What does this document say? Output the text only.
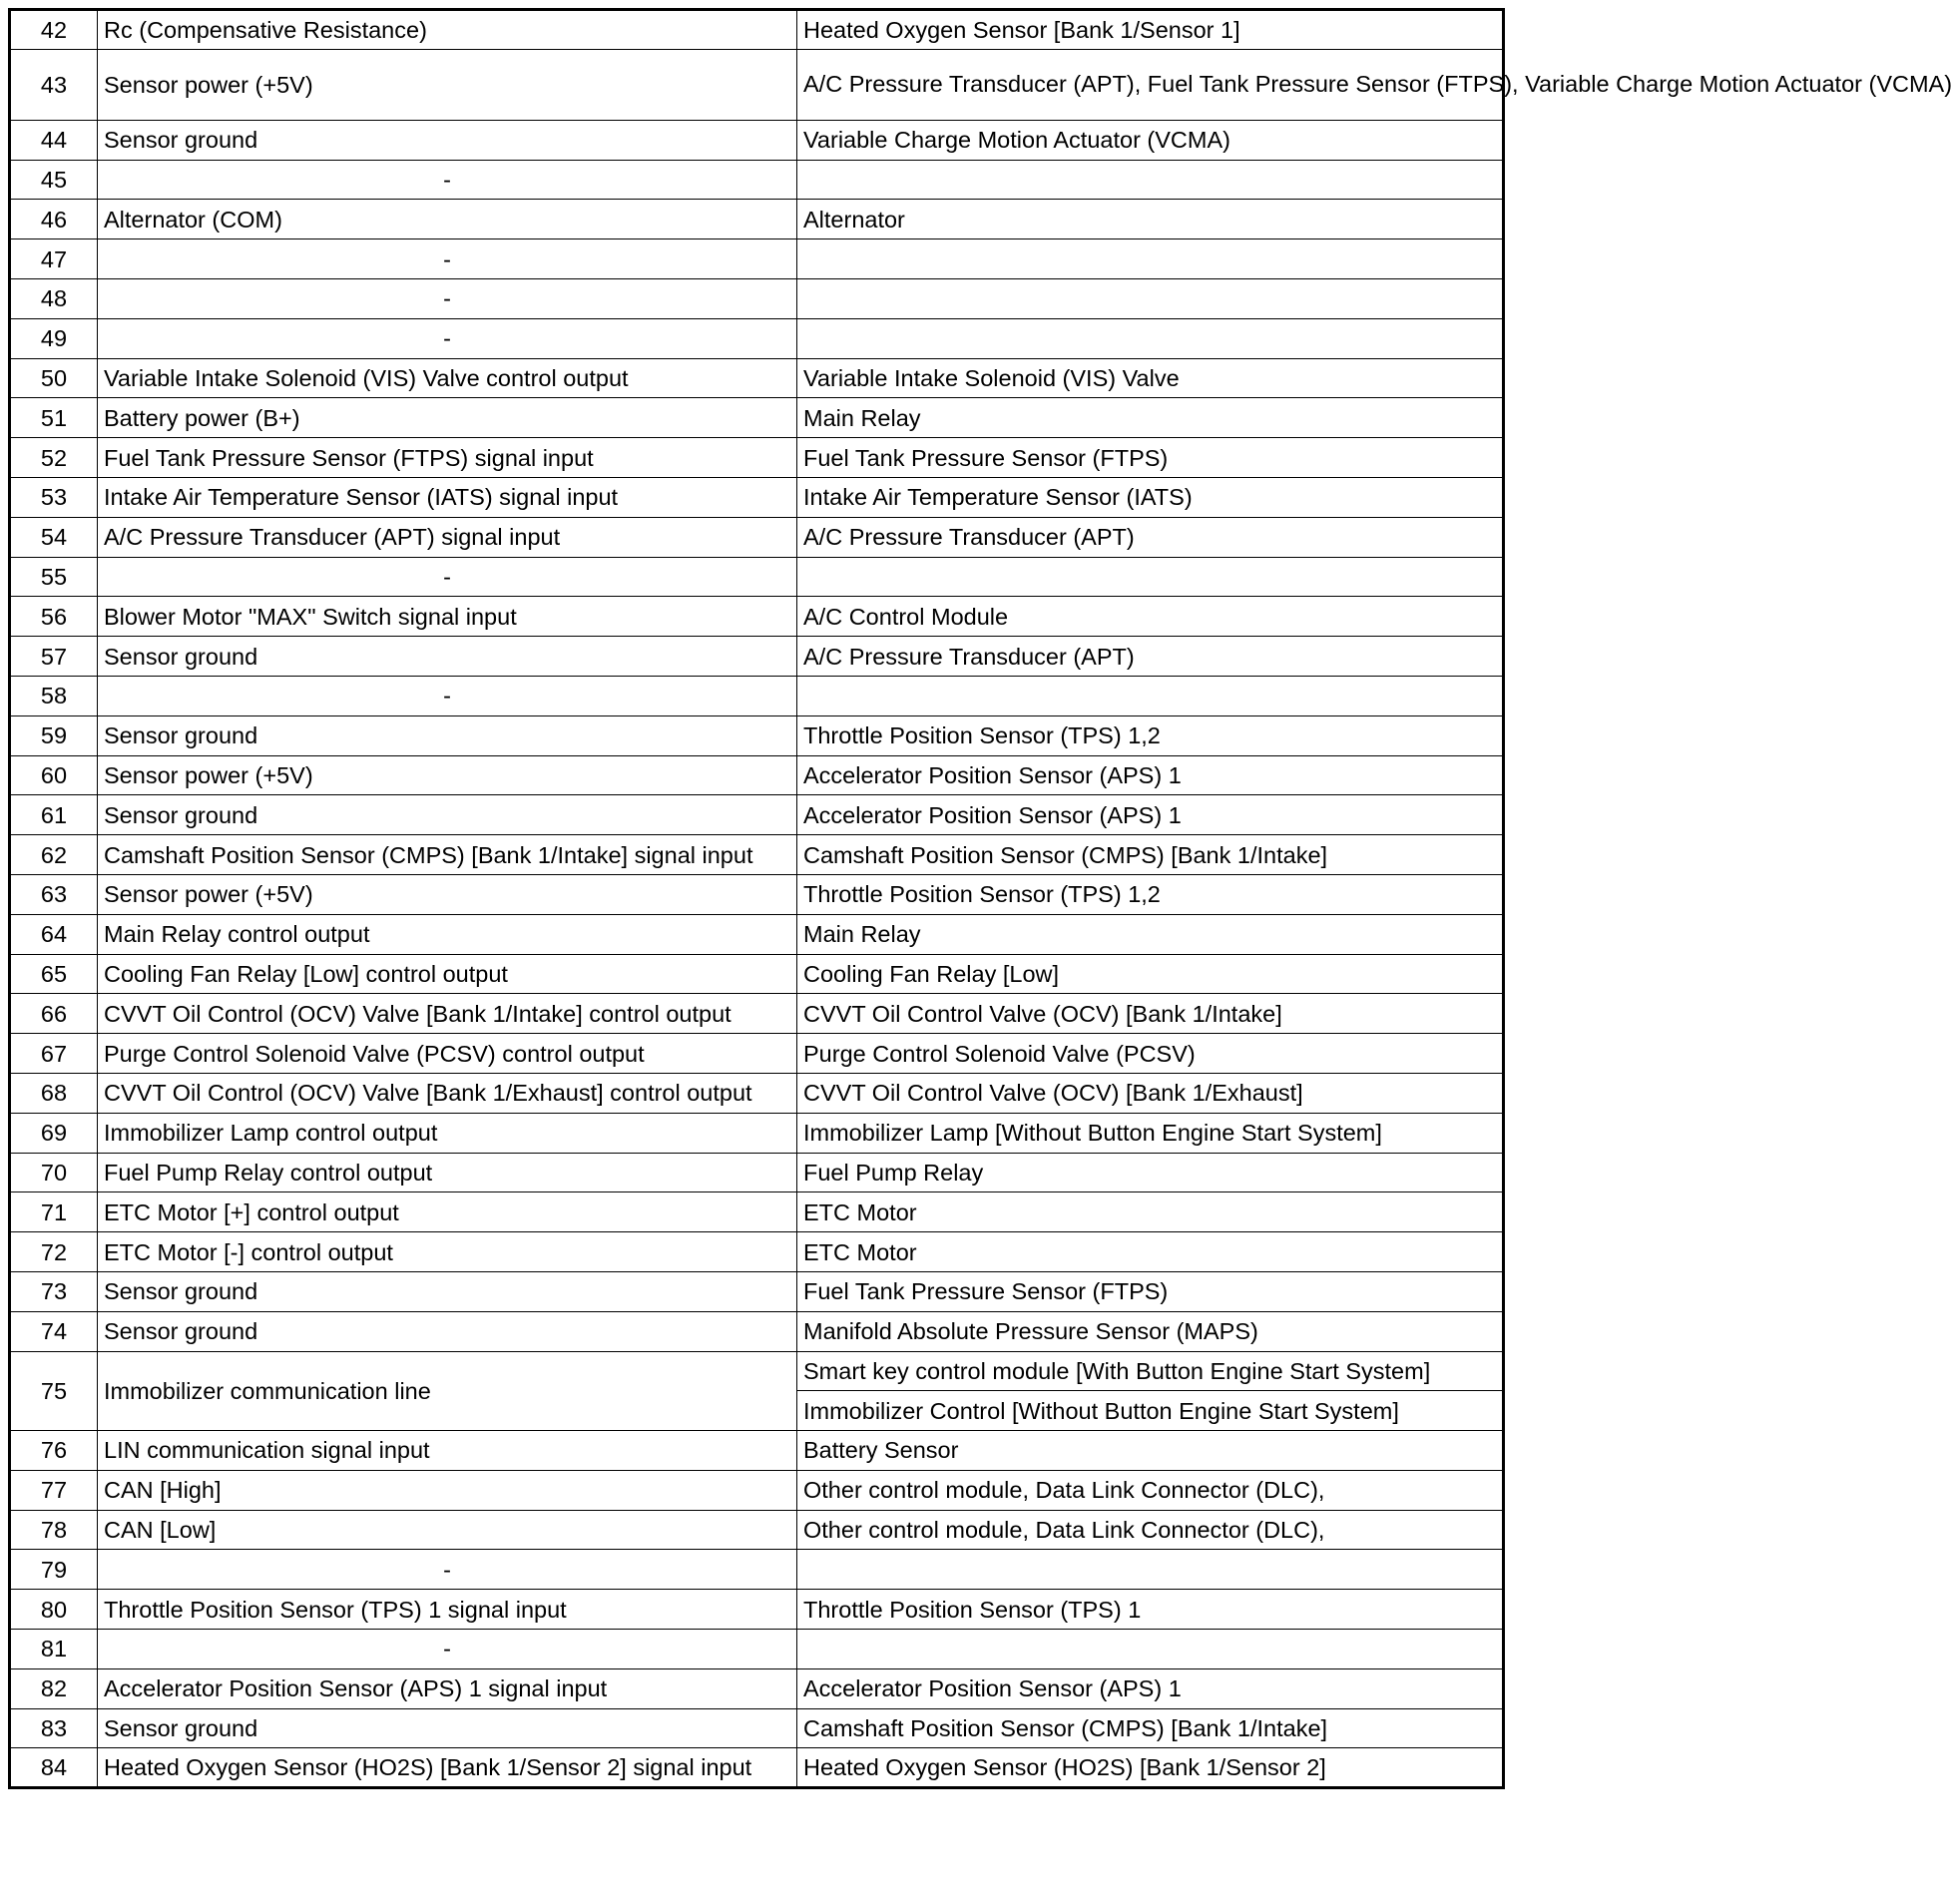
42	Rc (Compensative Resistance)	Heated Oxygen Sensor [Bank 1/Sensor 1]
43	Sensor power (+5V)	A/C Pressure Transducer (APT), Fuel Tank Pressure Sensor (FTPS), Variable Charge Motion Actuator (VCMA)
44	Sensor ground	Variable Charge Motion Actuator (VCMA)
45	-	
46	Alternator (COM)	Alternator
47	-	
48	-	
49	-	
50	Variable Intake Solenoid (VIS) Valve control output	Variable Intake Solenoid (VIS) Valve
51	Battery power (B+)	Main Relay
52	Fuel Tank Pressure Sensor (FTPS) signal input	Fuel Tank Pressure Sensor (FTPS)
53	Intake Air Temperature Sensor (IATS) signal input	Intake Air Temperature Sensor (IATS)
54	A/C Pressure Transducer (APT) signal input	A/C Pressure Transducer (APT)
55	-	
56	Blower Motor "MAX" Switch signal input	A/C Control Module
57	Sensor ground	A/C Pressure Transducer (APT)
58	-	
59	Sensor ground	Throttle Position Sensor (TPS) 1,2
60	Sensor power (+5V)	Accelerator Position Sensor (APS) 1
61	Sensor ground	Accelerator Position Sensor (APS) 1
62	Camshaft Position Sensor (CMPS) [Bank 1/Intake] signal input	Camshaft Position Sensor (CMPS) [Bank 1/Intake]
63	Sensor power (+5V)	Throttle Position Sensor (TPS) 1,2
64	Main Relay control output	Main Relay
65	Cooling Fan Relay [Low] control output	Cooling Fan Relay [Low]
66	CVVT Oil Control (OCV) Valve [Bank 1/Intake] control output	CVVT Oil Control Valve (OCV) [Bank 1/Intake]
67	Purge Control Solenoid Valve (PCSV) control output	Purge Control Solenoid Valve (PCSV)
68	CVVT Oil Control (OCV) Valve [Bank 1/Exhaust] control output	CVVT Oil Control Valve (OCV) [Bank 1/Exhaust]
69	Immobilizer Lamp control output	Immobilizer Lamp [Without Button Engine Start System]
70	Fuel Pump Relay control output	Fuel Pump Relay
71	ETC Motor [+] control output	ETC Motor
72	ETC Motor [-] control output	ETC Motor
73	Sensor ground	Fuel Tank Pressure Sensor (FTPS)
74	Sensor ground	Manifold Absolute Pressure Sensor (MAPS)
75	Immobilizer communication line	Smart key control module [With Button Engine Start System]
		Immobilizer Control [Without Button Engine Start System]
76	LIN communication signal input	Battery Sensor
77	CAN [High]	Other control module, Data Link Connector (DLC),
78	CAN [Low]	Other control module, Data Link Connector (DLC),
79	-	
80	Throttle Position Sensor (TPS) 1 signal input	Throttle Position Sensor (TPS) 1
81	-	
82	Accelerator Position Sensor (APS) 1 signal input	Accelerator Position Sensor (APS) 1
83	Sensor ground	Camshaft Position Sensor (CMPS) [Bank 1/Intake]
84	Heated Oxygen Sensor (HO2S) [Bank 1/Sensor 2] signal input	Heated Oxygen Sensor (HO2S) [Bank 1/Sensor 2]
